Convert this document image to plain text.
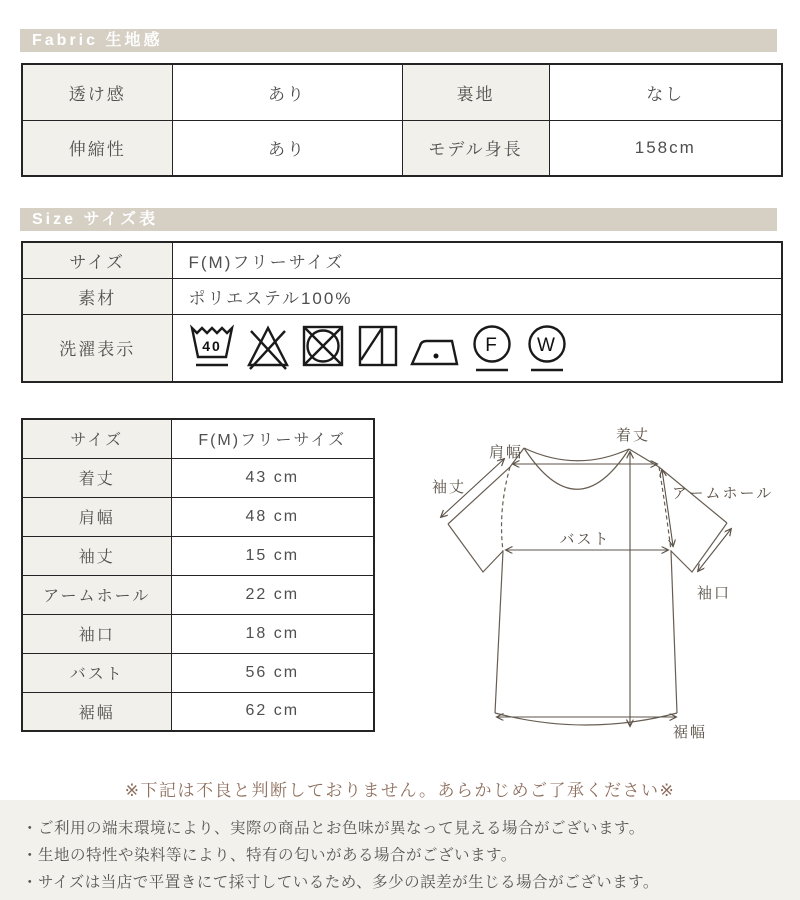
Fabric 生地感
透け感	あり	裏地	なし
伸縮性	あり	モデル身長	158cm
Size サイズ表
サイズ	F(M)フリーサイズ
素材	ポリエステル100%
洗濯表示	40 F W
サイズ	F(M)フリーサイズ
着丈	43 cm
肩幅	48 cm
袖丈	15 cm
アームホール	22 cm
袖口	18 cm
バスト	56 cm
裾幅	62 cm
肩幅
着丈
袖丈	アームホール
バスト
袖口
裾幅
※下記は不良と判断しておりません。あらかじめご了承ください※
・ご利用の端末環境により、実際の商品とお色味が異なって見える場合がございます。
・生地の特性や染料等により、特有の匂いがある場合がございます。
・サイズは当店で平置きにて採寸しているため、多少の誤差が生じる場合がございます。
